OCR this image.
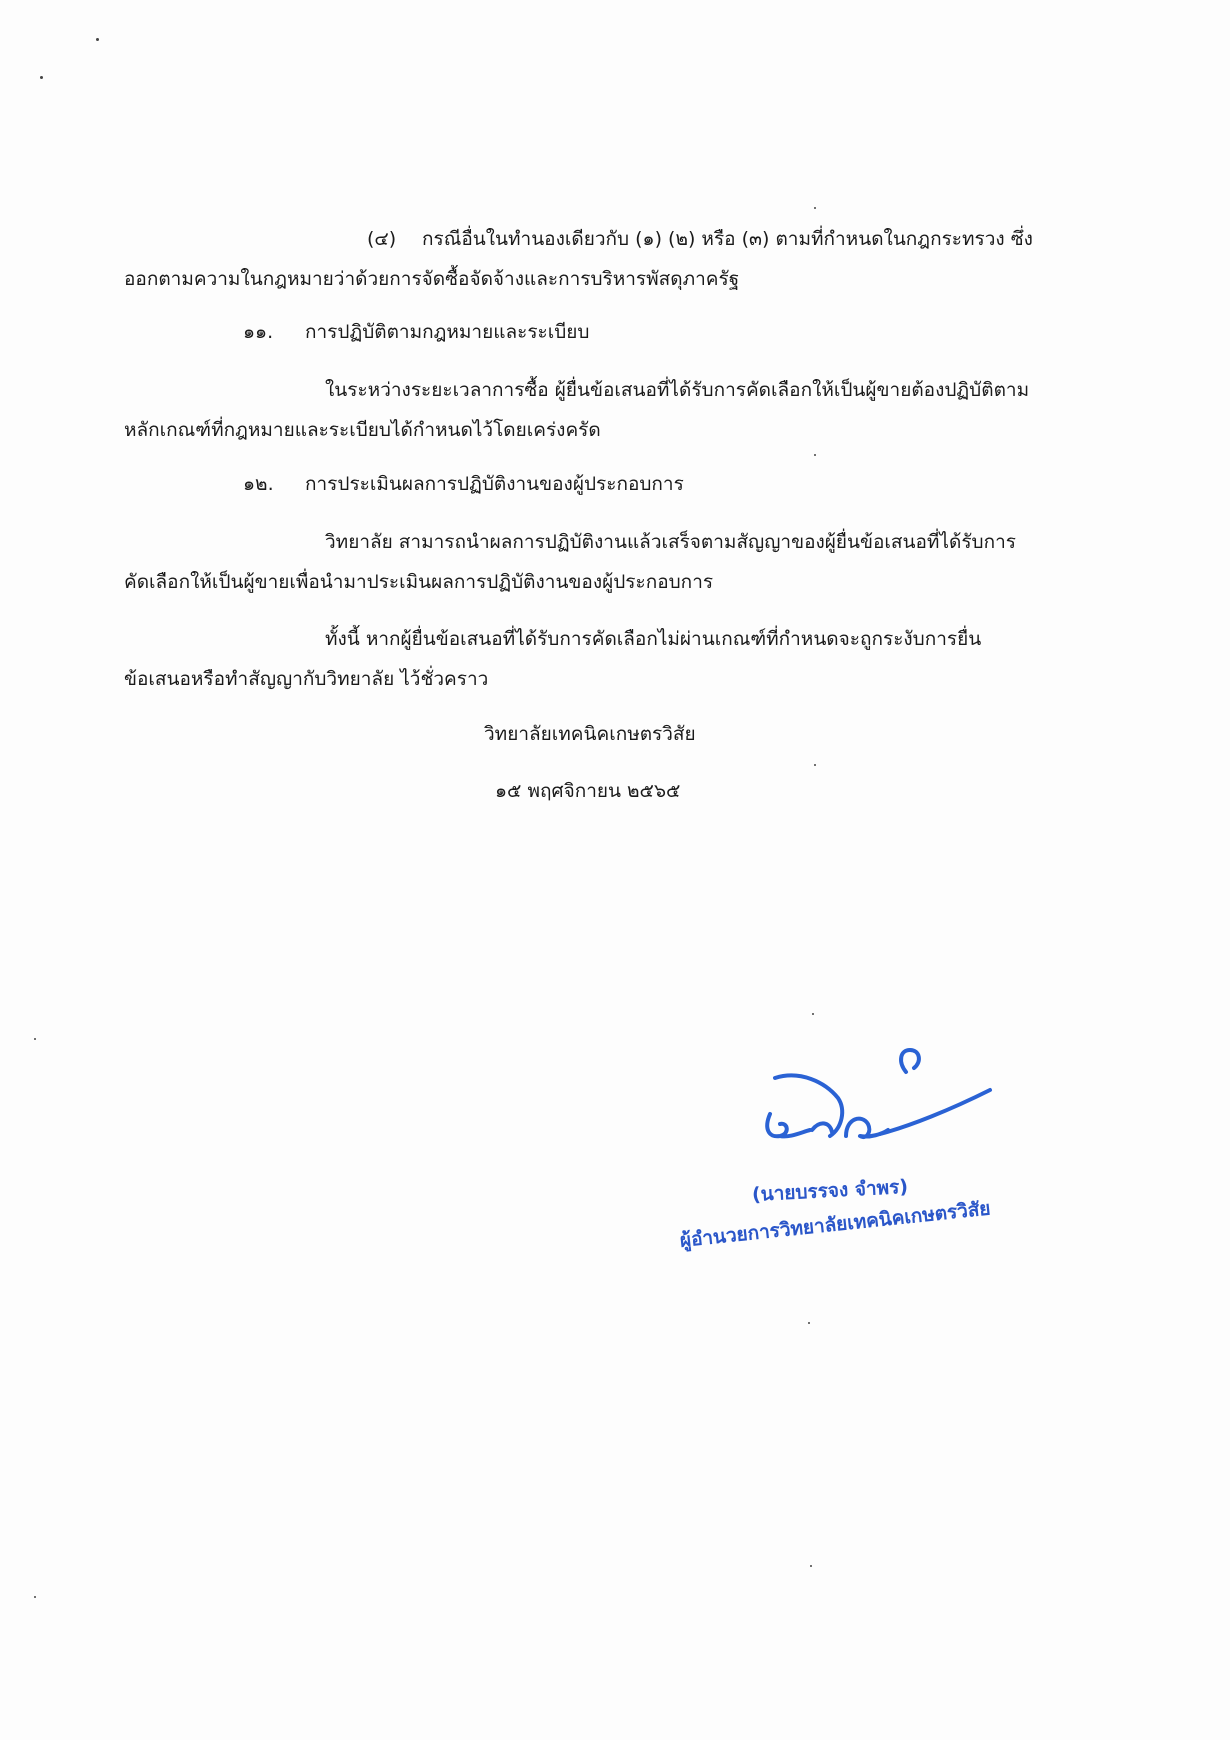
(๔) กรณีอื่นในทำนองเดียวกับ (๑) (๒) หรือ (๓) ตามที่กำหนดในกฎกระทรวง ซึ่ง
ออกตามความในกฎหมายว่าด้วยการจัดซื้อจัดจ้างและการบริหารพัสดุภาครัฐ
๑๑. การปฏิบัติตามกฎหมายและระเบียบ
ในระหว่างระยะเวลาการซื้อ ผู้ยื่นข้อเสนอที่ได้รับการคัดเลือกให้เป็นผู้ขายต้องปฏิบัติตาม
หลักเกณฑ์ที่กฎหมายและระเบียบได้กำหนดไว้โดยเคร่งครัด
๑๒. การประเมินผลการปฏิบัติงานของผู้ประกอบการ
วิทยาลัย สามารถนำผลการปฏิบัติงานแล้วเสร็จตามสัญญาของผู้ยื่นข้อเสนอที่ได้รับการ
คัดเลือกให้เป็นผู้ขายเพื่อนำมาประเมินผลการปฏิบัติงานของผู้ประกอบการ
ทั้งนี้ หากผู้ยื่นข้อเสนอที่ได้รับการคัดเลือกไม่ผ่านเกณฑ์ที่กำหนดจะถูกระงับการยื่น
ข้อเสนอหรือทำสัญญากับวิทยาลัย ไว้ชั่วคราว
วิทยาลัยเทคนิคเกษตรวิสัย
๑๕ พฤศจิกายน ๒๕๖๕
(นายบรรจง จำพร)
ผู้อำนวยการวิทยาลัยเทคนิคเกษตรวิสัย
